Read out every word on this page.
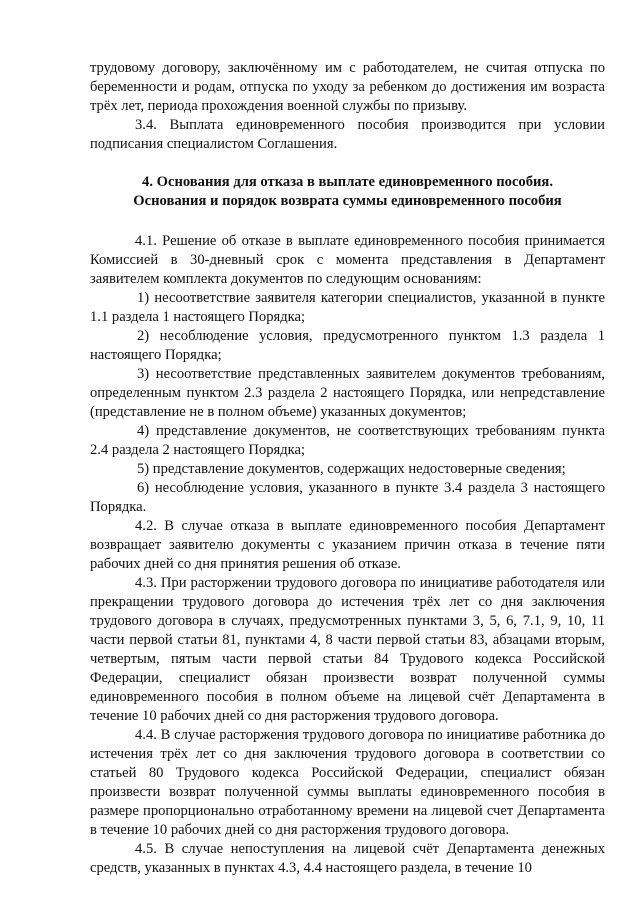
трудовому договору, заключённому им с работодателем, не считая отпуска по беременности и родам, отпуска по уходу за ребенком до достижения им возраста трёх лет, периода прохождения военной службы по призыву.

3.4. Выплата единовременного пособия производится при условии подписания специалистом Соглашения.

4. Основания для отказа в выплате единовременного пособия.
Основания и порядок возврата суммы единовременного пособия

4.1. Решение об отказе в выплате единовременного пособия принимается Комиссией в 30-дневный срок с момента представления в Департамент заявителем комплекта документов по следующим основаниям:

1) несоответствие заявителя категории специалистов, указанной в пункте 1.1 раздела 1 настоящего Порядка;

2) несоблюдение условия, предусмотренного пунктом 1.3 раздела 1 настоящего Порядка;

3) несоответствие представленных заявителем документов требованиям, определенным пунктом 2.3 раздела 2 настоящего Порядка, или непредставление (представление не в полном объеме) указанных документов;

4) представление документов, не соответствующих требованиям пункта 2.4 раздела 2 настоящего Порядка;

5) представление документов, содержащих недостоверные сведения;

6) несоблюдение условия, указанного в пункте 3.4 раздела 3 настоящего Порядка.

4.2. В случае отказа в выплате единовременного пособия Департамент возвращает заявителю документы с указанием причин отказа в течение пяти рабочих дней со дня принятия решения об отказе.

4.3. При расторжении трудового договора по инициативе работодателя или прекращении трудового договора до истечения трёх лет со дня заключения трудового договора в случаях, предусмотренных пунктами 3, 5, 6, 7.1, 9, 10, 11 части первой статьи 81, пунктами 4, 8 части первой статьи 83, абзацами вторым, четвертым, пятым части первой статьи 84 Трудового кодекса Российской Федерации, специалист обязан произвести возврат полученной суммы единовременного пособия в полном объеме на лицевой счёт Департамента в течение 10 рабочих дней со дня расторжения трудового договора.

4.4. В случае расторжения трудового договора по инициативе работника до истечения трёх лет со дня заключения трудового договора в соответствии со статьей 80 Трудового кодекса Российской Федерации, специалист обязан произвести возврат полученной суммы выплаты единовременного пособия в размере пропорционально отработанному времени на лицевой счет Департамента в течение 10 рабочих дней со дня расторжения трудового договора.

4.5. В случае непоступления на лицевой счёт Департамента денежных средств, указанных в пунктах 4.3, 4.4 настоящего раздела, в течение 10
